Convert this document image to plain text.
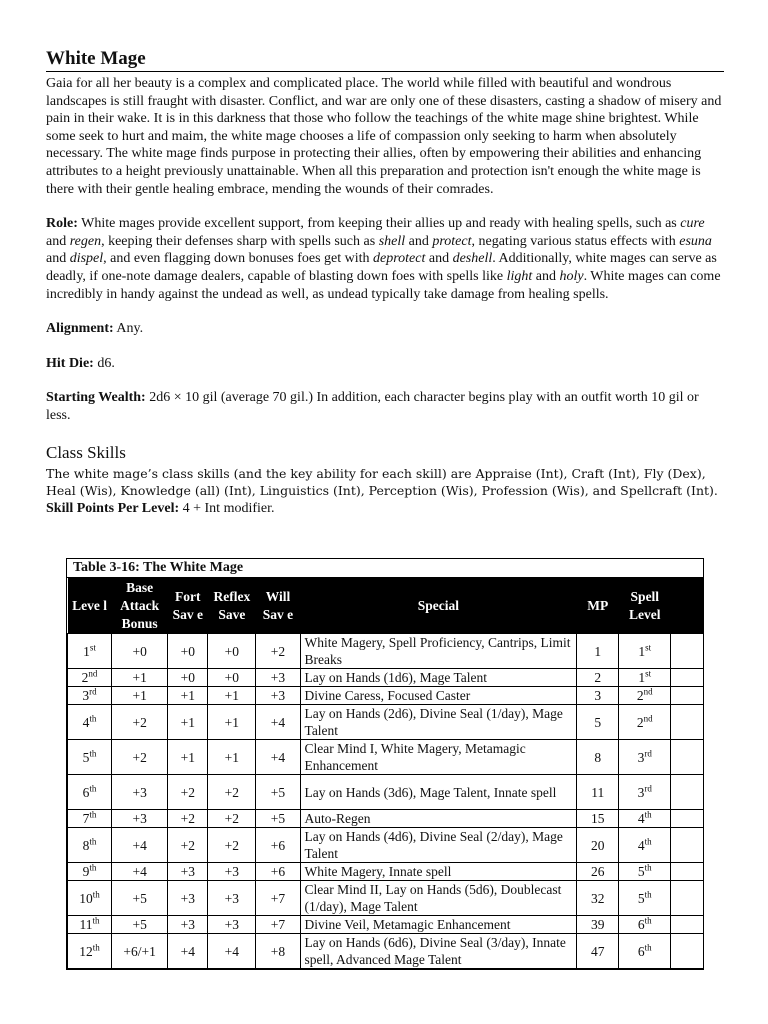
White Mage

Gaia for all her beauty is a complex and complicated place. The world while filled with beautiful and wondrous landscapes is still fraught with disaster. Conflict, and war are only one of these disasters, casting a shadow of misery and pain in their wake. It is in this darkness that those who follow the teachings of the white mage shine brightest. While some seek to hurt and maim, the white mage chooses a life of compassion only seeking to harm when absolutely necessary. The white mage finds purpose in protecting their allies, often by empowering their abilities and enhancing attributes to a height previously unattainable. When all this preparation and protection isn't enough the white mage is there with their gentle healing embrace, mending the wounds of their comrades.

Role: White mages provide excellent support, from keeping their allies up and ready with healing spells, such as cure and regen, keeping their defenses sharp with spells such as shell and protect, negating various status effects with esuna and dispel, and even flagging down bonuses foes get with deprotect and deshell. Additionally, white mages can serve as deadly, if one-note damage dealers, capable of blasting down foes with spells like light and holy. White mages can come incredibly in handy against the undead as well, as undead typically take damage from healing spells.

Alignment: Any.

Hit Die: d6.

Starting Wealth: 2d6 × 10 gil (average 70 gil.) In addition, each character begins play with an outfit worth 10 gil or less.

Class Skills

The white mage’s class skills (and the key ability for each skill) are Appraise (Int), Craft (Int), Fly (Dex), Heal (Wis), Knowledge (all) (Int), Linguistics (Int), Perception (Wis), Profession (Wis), and Spellcraft (Int).

Skill Points Per Level: 4 + Int modifier.

Table 3-16: The White Mage
Leve l	Base Attack Bonus	Fort Sav e	Reflex Save	Will Sav e	Special	MP	Spell Level	
1st	+0	+0	+0	+2	White Magery, Spell Proficiency, Cantrips, Limit Breaks	1	1st	
2nd	+1	+0	+0	+3	Lay on Hands (1d6), Mage Talent	2	1st	
3rd	+1	+1	+1	+3	Divine Caress, Focused Caster	3	2nd	
4th	+2	+1	+1	+4	Lay on Hands (2d6), Divine Seal (1/day), Mage Talent	5	2nd	
5th	+2	+1	+1	+4	Clear Mind I, White Magery, Metamagic Enhancement	8	3rd	
6th	+3	+2	+2	+5	Lay on Hands (3d6), Mage Talent, Innate spell	11	3rd	
7th	+3	+2	+2	+5	Auto-Regen	15	4th	
8th	+4	+2	+2	+6	Lay on Hands (4d6), Divine Seal (2/day), Mage Talent	20	4th	
9th	+4	+3	+3	+6	White Magery, Innate spell	26	5th	
10th	+5	+3	+3	+7	Clear Mind II, Lay on Hands (5d6), Doublecast (1/day), Mage Talent	32	5th	
11th	+5	+3	+3	+7	Divine Veil, Metamagic Enhancement	39	6th	
12th	+6/+1	+4	+4	+8	Lay on Hands (6d6), Divine Seal (3/day), Innate spell, Advanced Mage Talent	47	6th	
